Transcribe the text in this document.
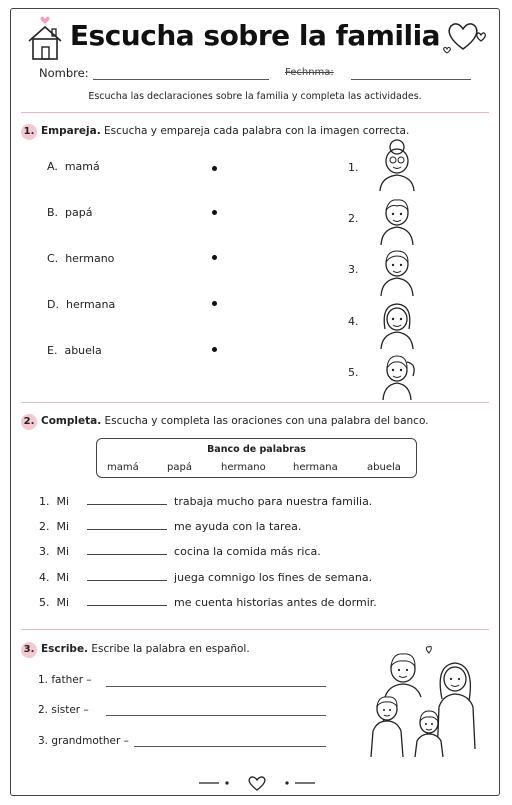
Escucha sobre la familia
Nombre:	Fechnma:
Escucha las declaraciones sobre la familia y completa las actividades.
1. Empareja. Escucha y empareja cada palabra con la imagen correcta.
A. mamá
B. papá
C. hermano
D. hermana
E. abuela
1.
2.
3.
4.
5.
2. Completa. Escucha y completa las oraciones con una palabra del banco.
Banco de palabras
mamá	papá	hermano	hermana	abuela
1. Mi	trabaja mucho para nuestra familia.
2. Mi	me ayuda con la tarea.
3. Mi	cocina la comida más rica.
4. Mi	juega comnigo los fines de semana.
5. Mi	me cuenta historias antes de dormir.
3. Escribe. Escribe la palabra en español.
1. father –
2. sister –
3. grandmother –
